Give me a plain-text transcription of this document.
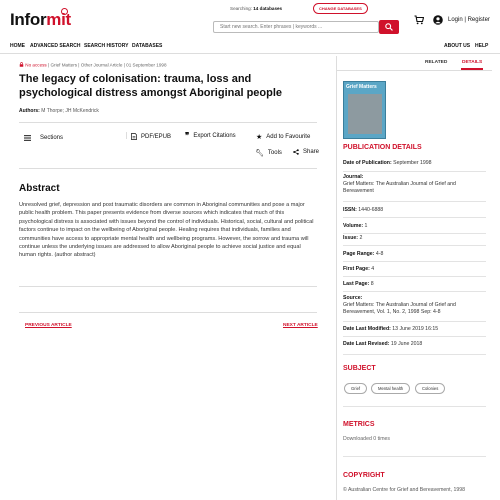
Informit
Searching: 14 databases	CHANGE DATABASES
Start new search. Enter phrases | keywords ...
Login | Register
HOME ADVANCED SEARCH SEARCH HISTORY DATABASES	ABOUT US HELP
No access | Grief Matters | Other Journal Article | 01 September 1998
The legacy of colonisation: trauma, loss and psychological distress amongst Aboriginal people
Authors: M Thorpe; JH McKendrick
Sections	PDF/EPUB ❞ Export Citations	★ Add to Favourite
🔧︎ Tools	Share
Abstract

Unresolved grief, depression and post traumatic disorders are common in Aboriginal communities and pose a major public health problem. This paper presents evidence from diverse sources which indicates that much of this psychological distress is associated with issues beyond the control of individuals. Historical, social, cultural and political factors continue to impact on the wellbeing of Aboriginal people. Healing requires that individuals, families and communities have access to appropriate mental health and wellbeing programs. However, the sorrow and trauma will continue unless the underlying issues are addressed to allow Aboriginal people to achieve social justice and equal human rights. (author abstract)

PREVIOUS ARTICLE	NEXT ARTICLE
RELATED	DETAILS
Grief Matters
PUBLICATION DETAILS
Date of Publication: September 1998
Journal:
Grief Matters: The Australian Journal of Grief and Bereavement
ISSN: 1440-6888
Volume: 1
Issue: 2
Page Range: 4-8
First Page: 4
Last Page: 8
Source:
Grief Matters: The Australian Journal of Grief and Bereavement, Vol. 1, No. 2, 1998 Sep: 4-8
Date Last Modified: 13 June 2019 16:15
Date Last Revised: 19 June 2018
SUBJECT
Grief	Mental health	Colonies
METRICS
Downloaded 0 times
COPYRIGHT
© Australian Centre for Grief and Bereavement, 1998
